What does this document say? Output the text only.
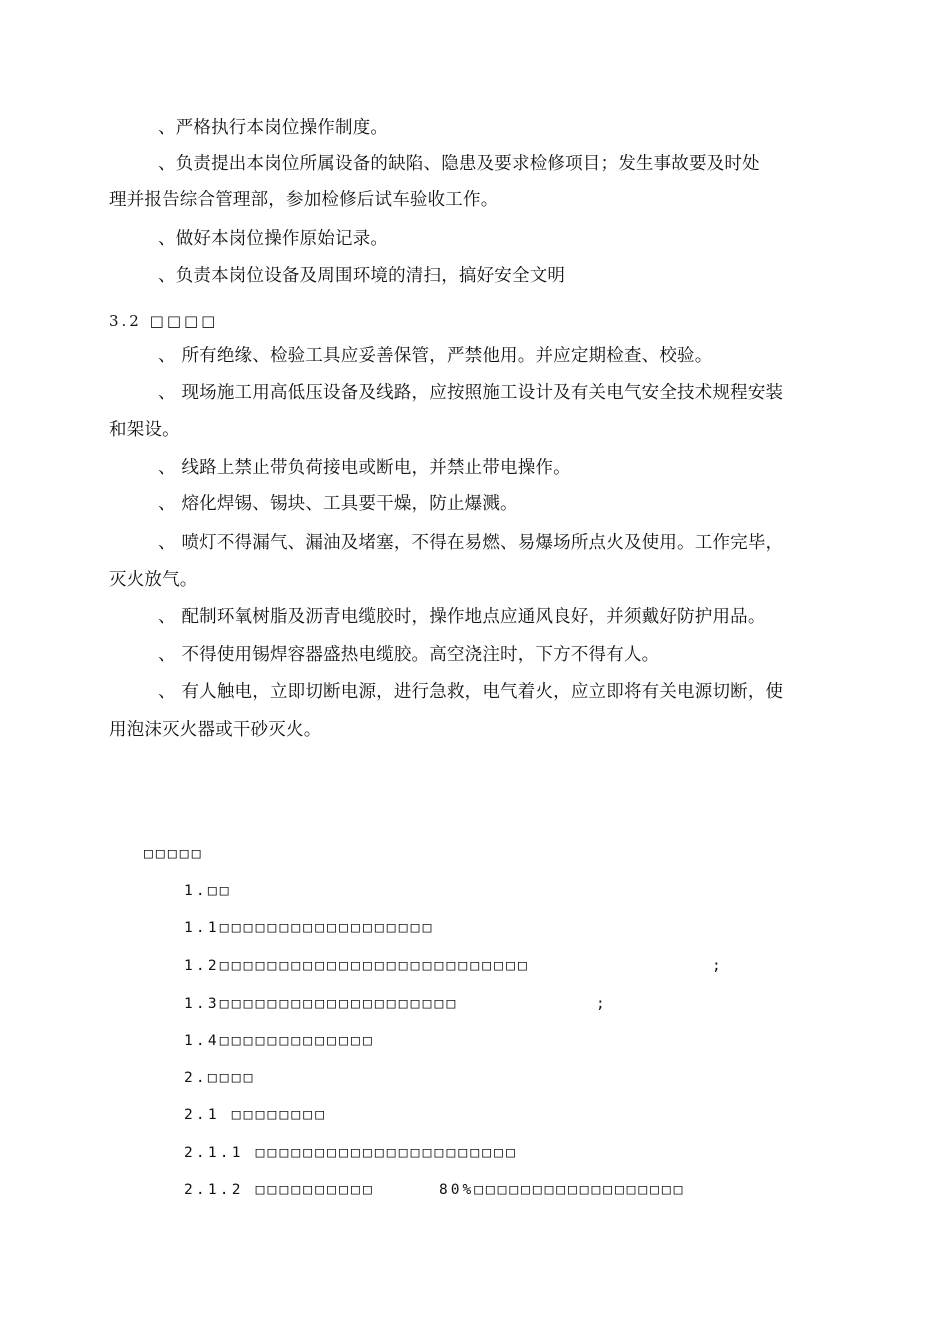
、严格执行本岗位操作制度。
、负责提出本岗位所属设备的缺陷、隐患及要求检修项目；发生事故要及时处
理并报告综合管理部，参加检修后试车验收工作。
、做好本岗位操作原始记录。
、负责本岗位设备及周围环境的清扫，搞好安全文明
3.2 □□□□
、 所有绝缘、检验工具应妥善保管，严禁他用。并应定期检查、校验。
、 现场施工用高低压设备及线路，应按照施工设计及有关电气安全技术规程安装
和架设。
、 线路上禁止带负荷接电或断电，并禁止带电操作。
、 熔化焊锡、锡块、工具要干燥，防止爆溅。
、 喷灯不得漏气、漏油及堵塞，不得在易燃、易爆场所点火及使用。工作完毕，
灭火放气。
、 配制环氧树脂及沥青电缆胶时，操作地点应通风良好，并须戴好防护用品。
、 不得使用锡焊容器盛热电缆胶。高空浇注时，下方不得有人。
、 有人触电，立即切断电源，进行急救，电气着火，应立即将有关电源切断，使
用泡沫灭火器或干砂灭火。
□□□□□
1.□□
1.1□□□□□□□□□□□□□□□□□□
1.2□□□□□□□□□□□□□□□□□□□□□□□□□□	;
1.3□□□□□□□□□□□□□□□□□□□□	;
1.4□□□□□□□□□□□□□
2.□□□□
2.1 □□□□□□□□
2.1.1 □□□□□□□□□□□□□□□□□□□□□□
2.1.2 □□□□□□□□□□	80%□□□□□□□□□□□□□□□□□□
